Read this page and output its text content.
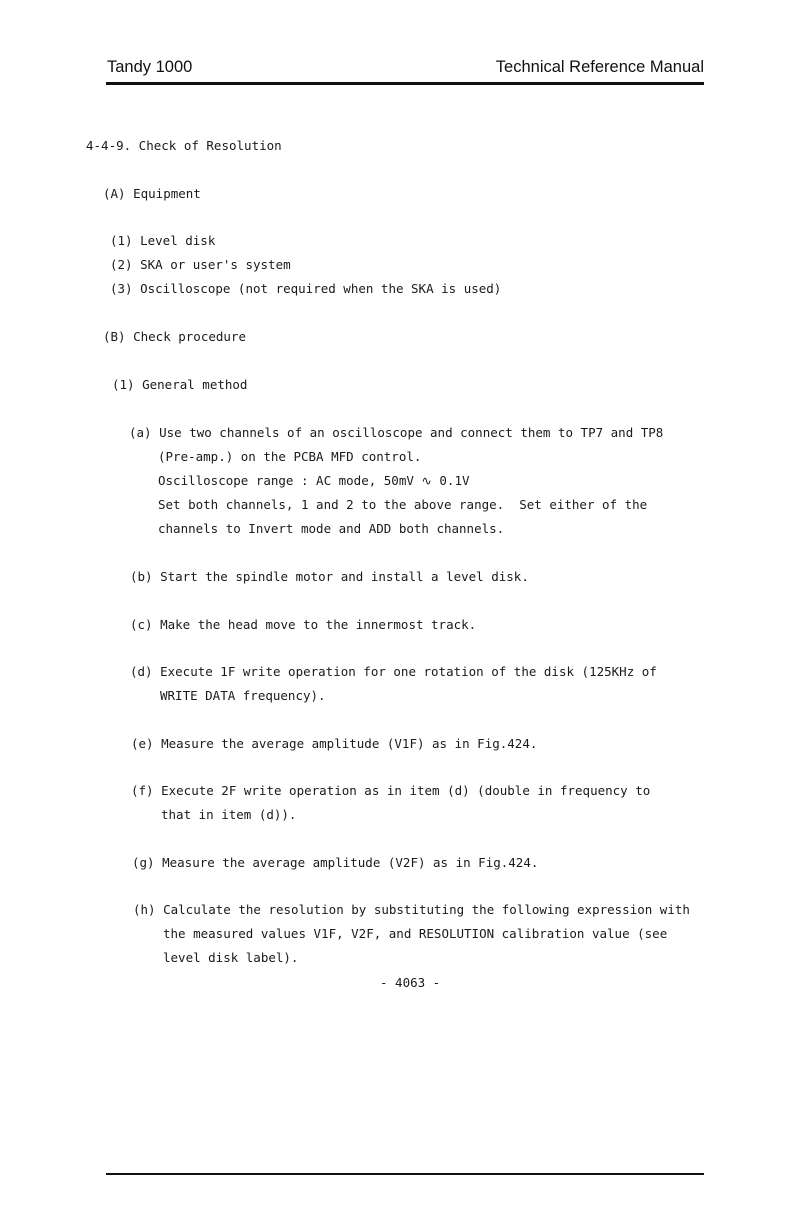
Tandy 1000	Technical Reference Manual
4-4-9. Check of Resolution
(A) Equipment
(1) Level disk
(2) SKA or user's system
(3) Oscilloscope (not required when the SKA is used)
(B) Check procedure
(1) General method
(a) Use two channels of an oscilloscope and connect them to TP7 and TP8
(Pre-amp.) on the PCBA MFD control.
Oscilloscope range : AC mode, 50mV ∿ 0.1V
Set both channels, 1 and 2 to the above range.  Set either of the
channels to Invert mode and ADD both channels.
(b) Start the spindle motor and install a level disk.
(c) Make the head move to the innermost track.
(d) Execute 1F write operation for one rotation of the disk (125KHz of
WRITE DATA frequency).
(e) Measure the average amplitude (V1F) as in Fig.424.
(f) Execute 2F write operation as in item (d) (double in frequency to
that in item (d)).
(g) Measure the average amplitude (V2F) as in Fig.424.
(h) Calculate the resolution by substituting the following expression with
the measured values V1F, V2F, and RESOLUTION calibration value (see
level disk label).
- 4063 -
